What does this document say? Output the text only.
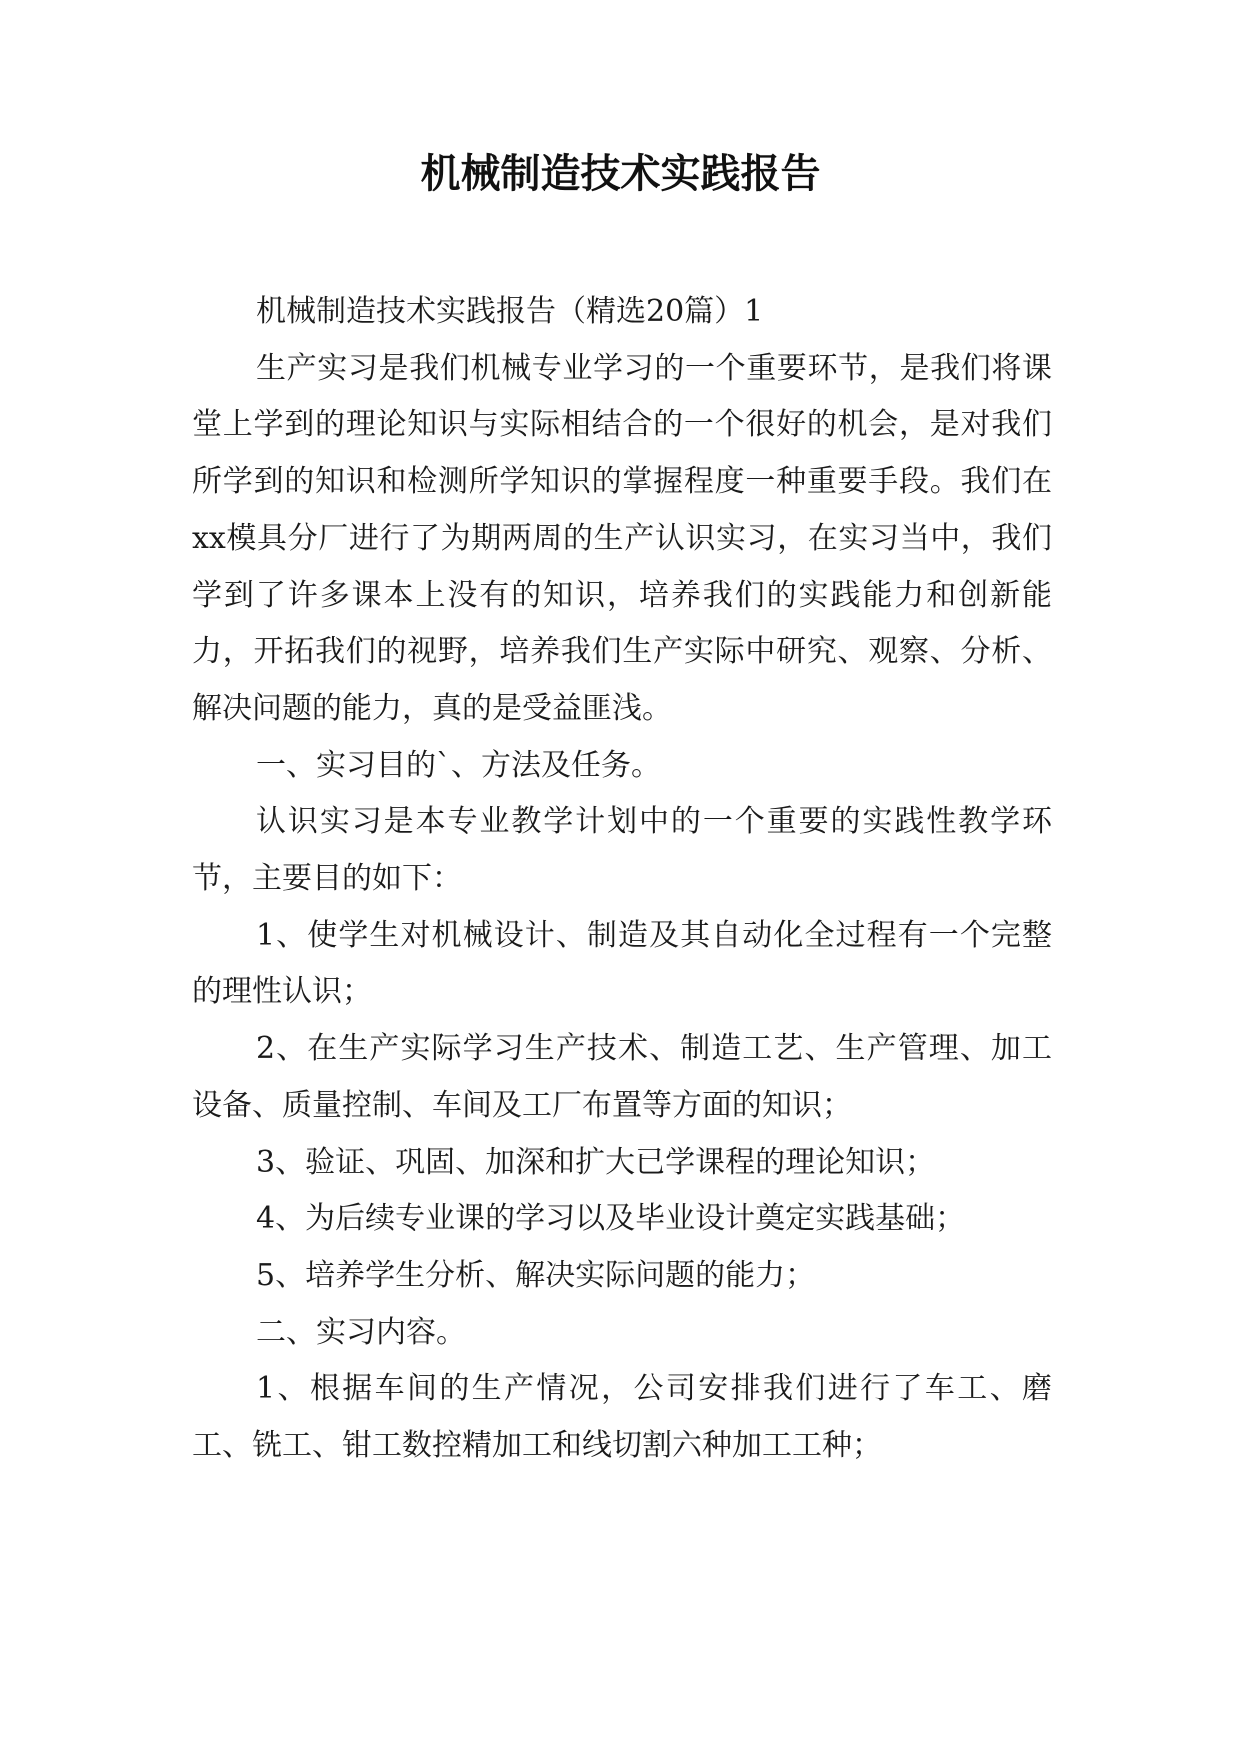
机械制造技术实践报告

机械制造技术实践报告（精选20篇）1

生产实习是我们机械专业学习的一个重要环节，是我们将课堂上学到的理论知识与实际相结合的一个很好的机会，是对我们所学到的知识和检测所学知识的掌握程度一种重要手段。我们在xx模具分厂进行了为期两周的生产认识实习，在实习当中，我们学到了许多课本上没有的知识，培养我们的实践能力和创新能力，开拓我们的视野，培养我们生产实际中研究、观察、分析、解决问题的能力，真的是受益匪浅。

一、实习目的`、方法及任务。

认识实习是本专业教学计划中的一个重要的实践性教学环节，主要目的如下：

1、使学生对机械设计、制造及其自动化全过程有一个完整的理性认识；

2、在生产实际学习生产技术、制造工艺、生产管理、加工设备、质量控制、车间及工厂布置等方面的知识；

3、验证、巩固、加深和扩大已学课程的理论知识；

4、为后续专业课的学习以及毕业设计奠定实践基础；

5、培养学生分析、解决实际问题的能力；

二、实习内容。

1、根据车间的生产情况，公司安排我们进行了车工、磨工、铣工、钳工数控精加工和线切割六种加工工种；
